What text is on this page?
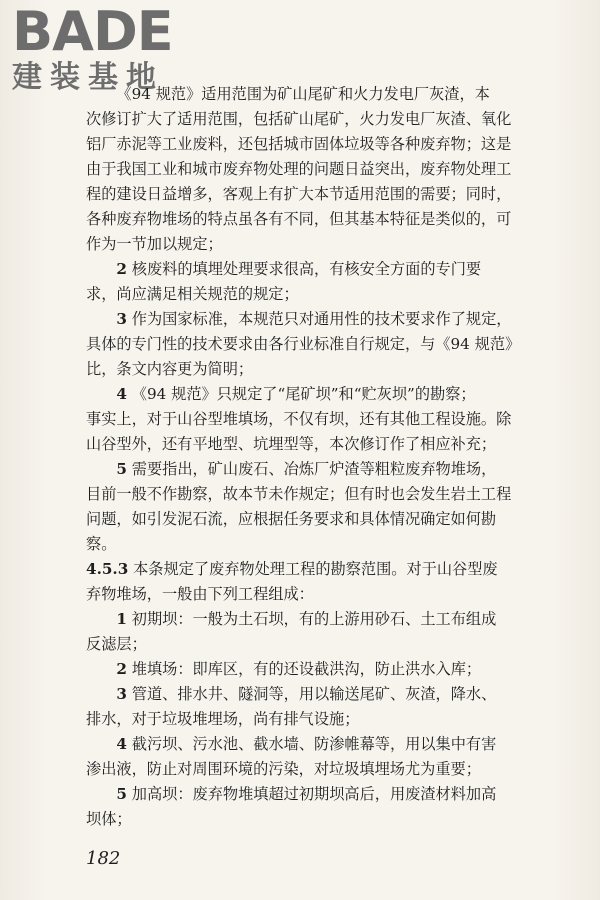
BADE

建装基地

《94 规范》适用范围为矿山尾矿和火力发电厂灰渣，本
次修订扩大了适用范围，包括矿山尾矿，火力发电厂灰渣、氧化
铝厂赤泥等工业废料，还包括城市固体垃圾等各种废弃物；这是
由于我国工业和城市废弃物处理的问题日益突出，废弃物处理工
程的建设日益增多，客观上有扩大本节适用范围的需要；同时，
各种废弃物堆场的特点虽各有不同，但其基本特征是类似的，可
作为一节加以规定；

2 核废料的填埋处理要求很高，有核安全方面的专门要
求，尚应满足相关规范的规定；

3 作为国家标准，本规范只对通用性的技术要求作了规定，
具体的专门性的技术要求由各行业标准自行规定，与《94 规范》
比，条文内容更为简明；

4 《94 规范》只规定了“尾矿坝”和“贮灰坝”的勘察；
事实上，对于山谷型堆填场，不仅有坝，还有其他工程设施。除
山谷型外，还有平地型、坑埋型等，本次修订作了相应补充；

5 需要指出，矿山废石、冶炼厂炉渣等粗粒废弃物堆场，
目前一般不作勘察，故本节未作规定；但有时也会发生岩土工程
问题，如引发泥石流，应根据任务要求和具体情况确定如何勘
察。

4.5.3 本条规定了废弃物处理工程的勘察范围。对于山谷型废
弃物堆场，一般由下列工程组成：

1 初期坝：一般为土石坝，有的上游用砂石、土工布组成
反滤层；

2 堆填场：即库区，有的还设截洪沟，防止洪水入库；

3 管道、排水井、隧洞等，用以输送尾矿、灰渣，降水、
排水，对于垃圾堆埋场，尚有排气设施；

4 截污坝、污水池、截水墙、防渗帷幕等，用以集中有害
渗出液，防止对周围环境的污染，对垃圾填埋场尤为重要；

5 加高坝：废弃物堆填超过初期坝高后，用废渣材料加高
坝体；

182
